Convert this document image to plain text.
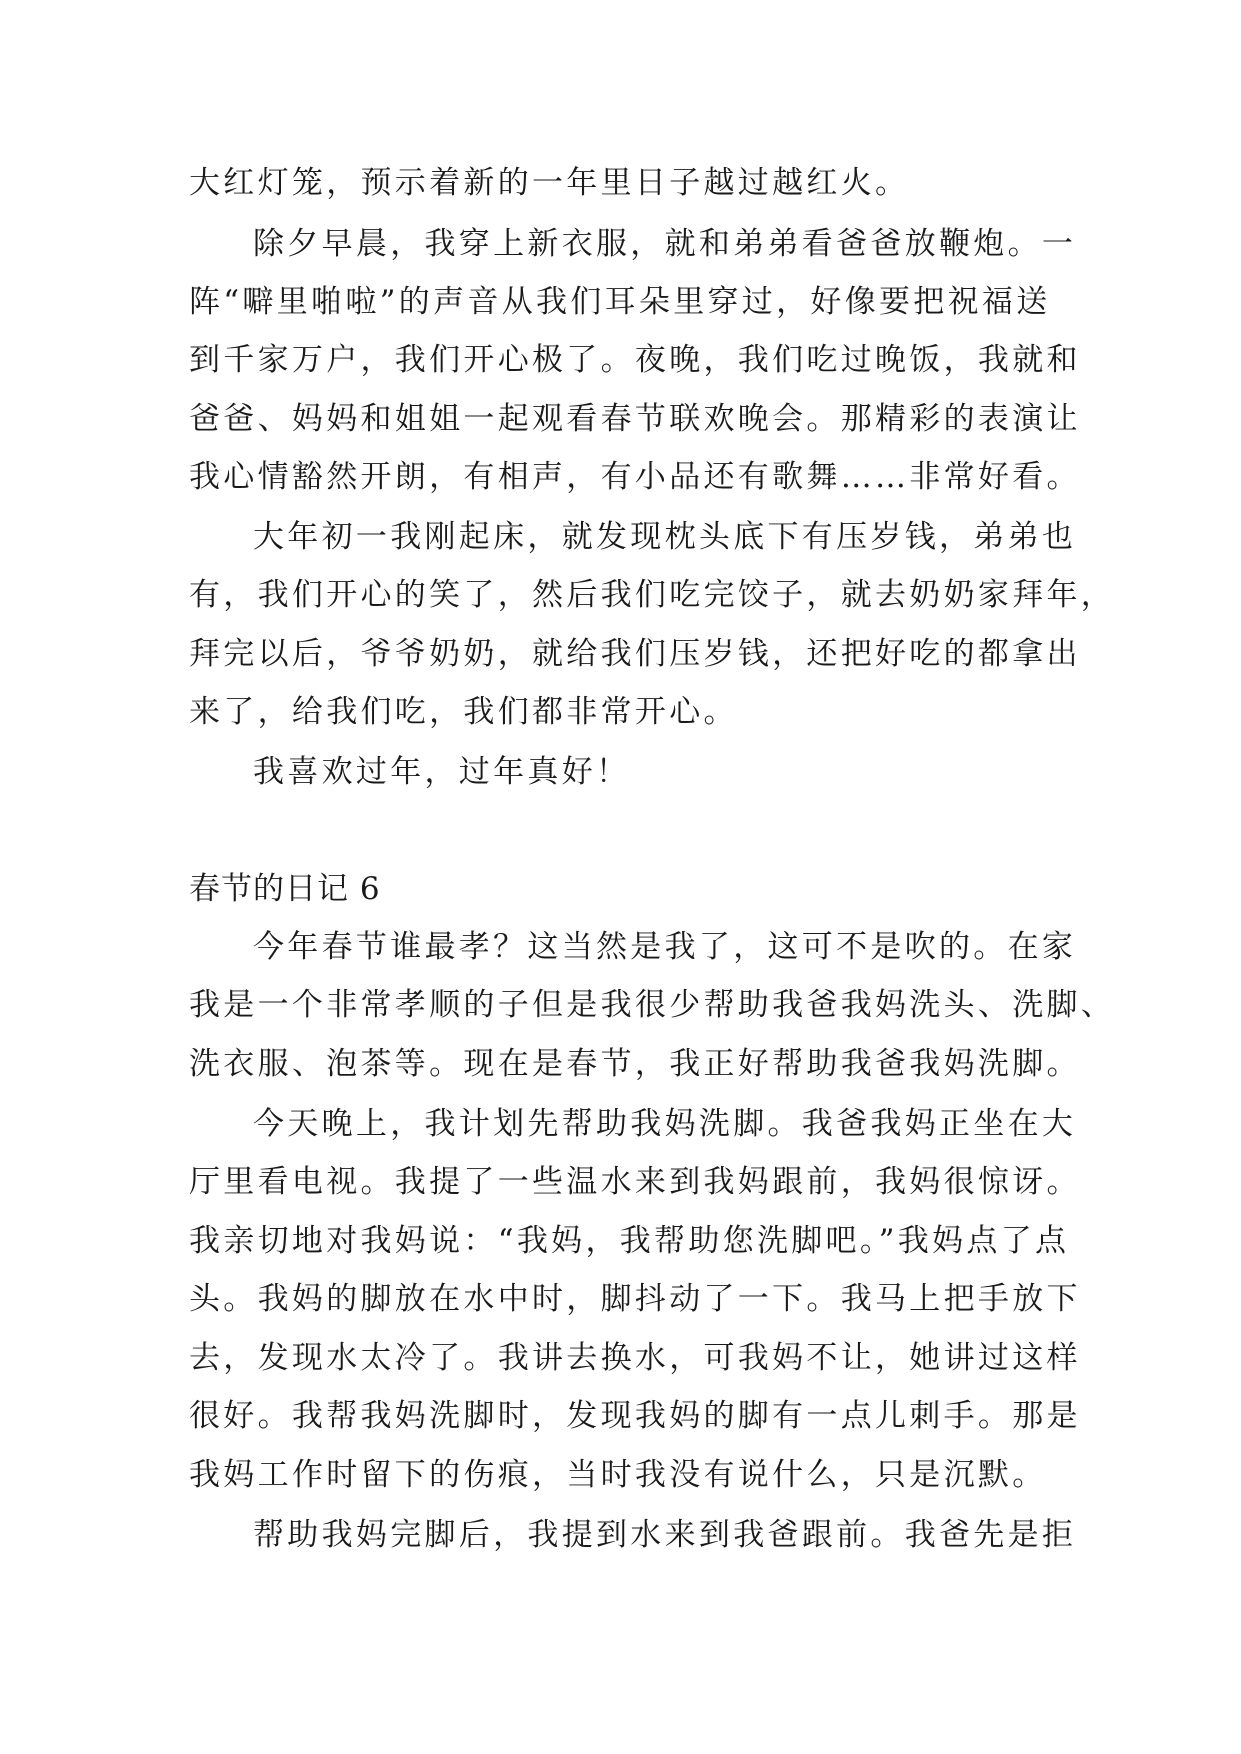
大红灯笼，预示着新的一年里日子越过越红火。
除夕早晨，我穿上新衣服，就和弟弟看爸爸放鞭炮。一
阵“噼里啪啦”的声音从我们耳朵里穿过，好像要把祝福送
到千家万户，我们开心极了。夜晚，我们吃过晚饭，我就和
爸爸、妈妈和姐姐一起观看春节联欢晚会。那精彩的表演让
我心情豁然开朗，有相声，有小品还有歌舞……非常好看。
大年初一我刚起床，就发现枕头底下有压岁钱，弟弟也
有，我们开心的笑了，然后我们吃完饺子，就去奶奶家拜年，
拜完以后，爷爷奶奶，就给我们压岁钱，还把好吃的都拿出
来了，给我们吃，我们都非常开心。
我喜欢过年，过年真好！
春节的日记 6
今年春节谁最孝？这当然是我了，这可不是吹的。在家
我是一个非常孝顺的子但是我很少帮助我爸我妈洗头、洗脚、
洗衣服、泡茶等。现在是春节，我正好帮助我爸我妈洗脚。
今天晚上，我计划先帮助我妈洗脚。我爸我妈正坐在大
厅里看电视。我提了一些温水来到我妈跟前，我妈很惊讶。
我亲切地对我妈说：“我妈，我帮助您洗脚吧。”我妈点了点
头。我妈的脚放在水中时，脚抖动了一下。我马上把手放下
去，发现水太冷了。我讲去换水，可我妈不让，她讲过这样
很好。我帮我妈洗脚时，发现我妈的脚有一点儿刺手。那是
我妈工作时留下的伤痕，当时我没有说什么，只是沉默。
帮助我妈完脚后，我提到水来到我爸跟前。我爸先是拒
